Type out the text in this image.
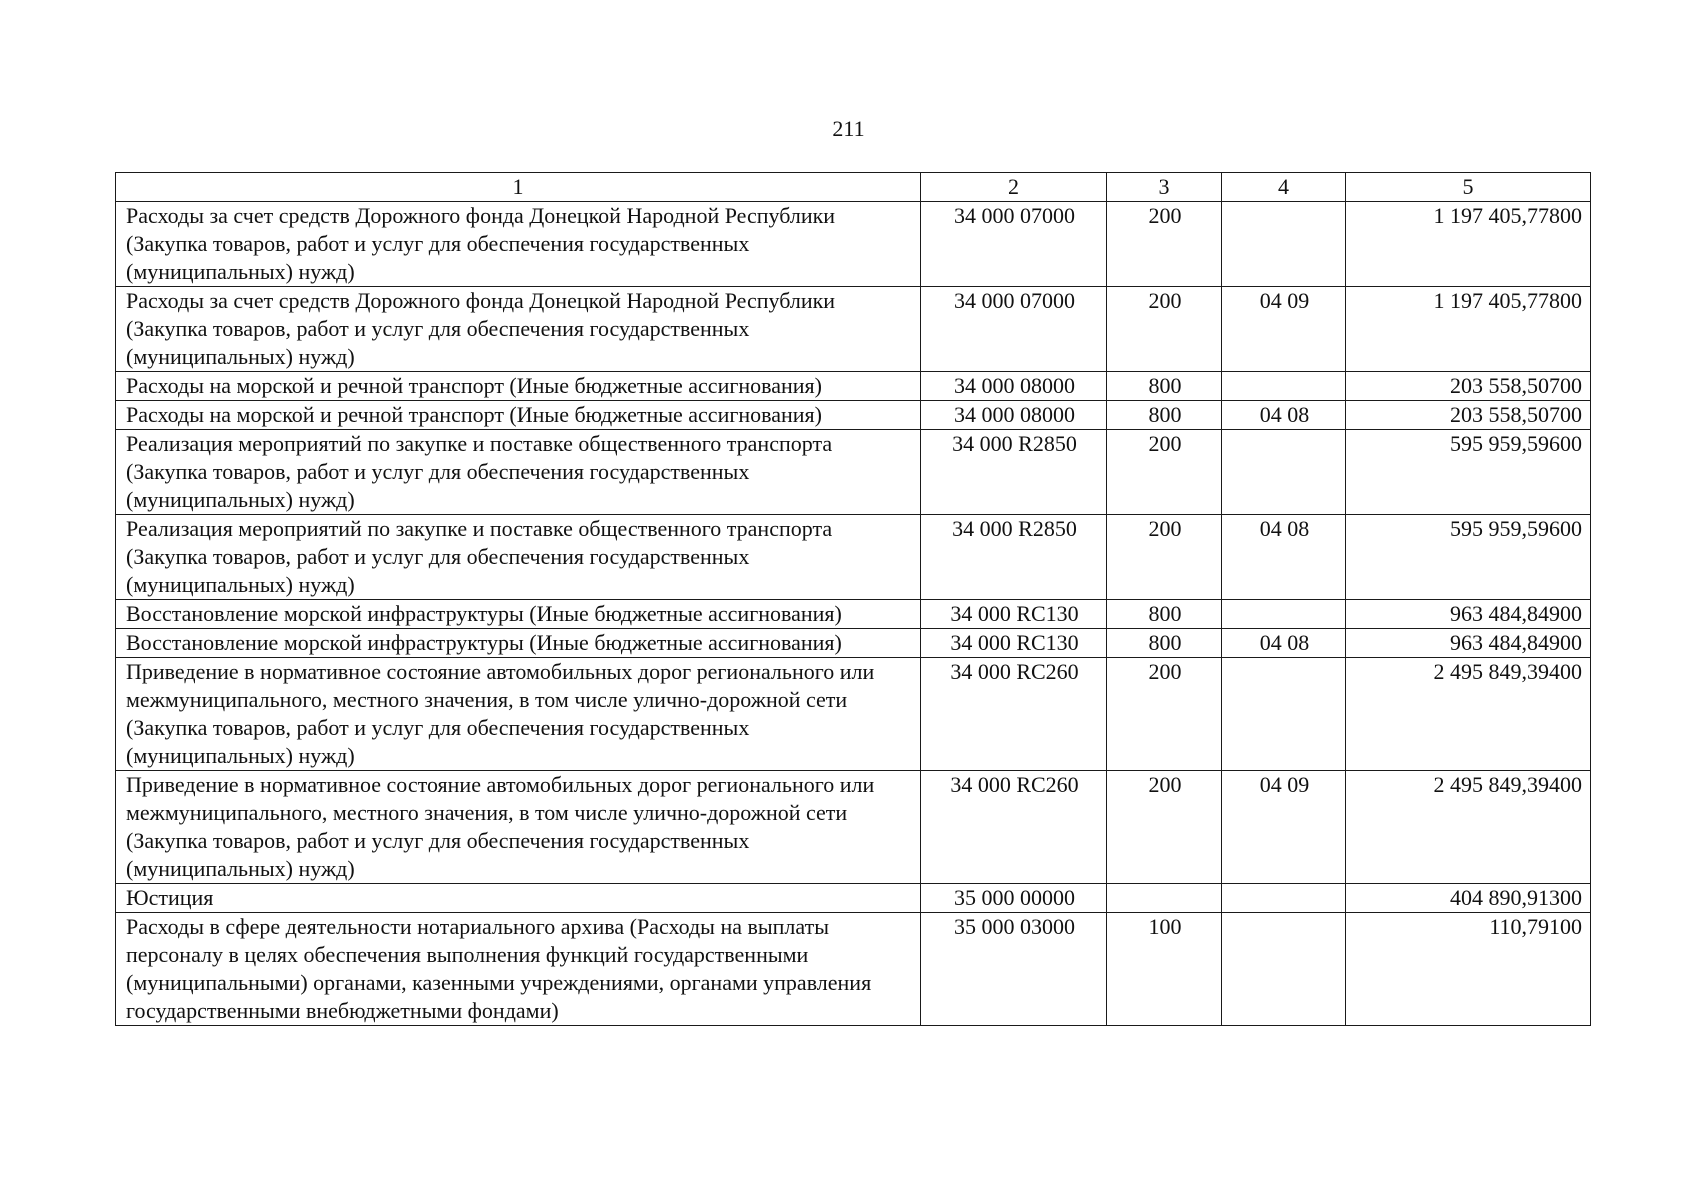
211
1	2	3	4	5
Расходы за счет средств Дорожного фонда Донецкой Народной Республики (Закупка товаров, работ и услуг для обеспечения государственных (муниципальных) нужд)	34 000 07000	200		1 197 405,77800
Расходы за счет средств Дорожного фонда Донецкой Народной Республики (Закупка товаров, работ и услуг для обеспечения государственных (муниципальных) нужд)	34 000 07000	200	04 09	1 197 405,77800
Расходы на морской и речной транспорт (Иные бюджетные ассигнования)	34 000 08000	800		203 558,50700
Расходы на морской и речной транспорт (Иные бюджетные ассигнования)	34 000 08000	800	04 08	203 558,50700
Реализация мероприятий по закупке и поставке общественного транспорта (Закупка товаров, работ и услуг для обеспечения государственных (муниципальных) нужд)	34 000 R2850	200		595 959,59600
Реализация мероприятий по закупке и поставке общественного транспорта (Закупка товаров, работ и услуг для обеспечения государственных (муниципальных) нужд)	34 000 R2850	200	04 08	595 959,59600
Восстановление морской инфраструктуры (Иные бюджетные ассигнования)	34 000 RC130	800		963 484,84900
Восстановление морской инфраструктуры (Иные бюджетные ассигнования)	34 000 RC130	800	04 08	963 484,84900
Приведение в нормативное состояние автомобильных дорог регионального или межмуниципального, местного значения, в том числе улично-дорожной сети (Закупка товаров, работ и услуг для обеспечения государственных (муниципальных) нужд)	34 000 RC260	200		2 495 849,39400
Приведение в нормативное состояние автомобильных дорог регионального или межмуниципального, местного значения, в том числе улично-дорожной сети (Закупка товаров, работ и услуг для обеспечения государственных (муниципальных) нужд)	34 000 RC260	200	04 09	2 495 849,39400
Юстиция	35 000 00000			404 890,91300
Расходы в сфере деятельности нотариального архива (Расходы на выплаты персоналу в целях обеспечения выполнения функций государственными (муниципальными) органами, казенными учреждениями, органами управления государственными внебюджетными фондами)	35 000 03000	100		110,79100
